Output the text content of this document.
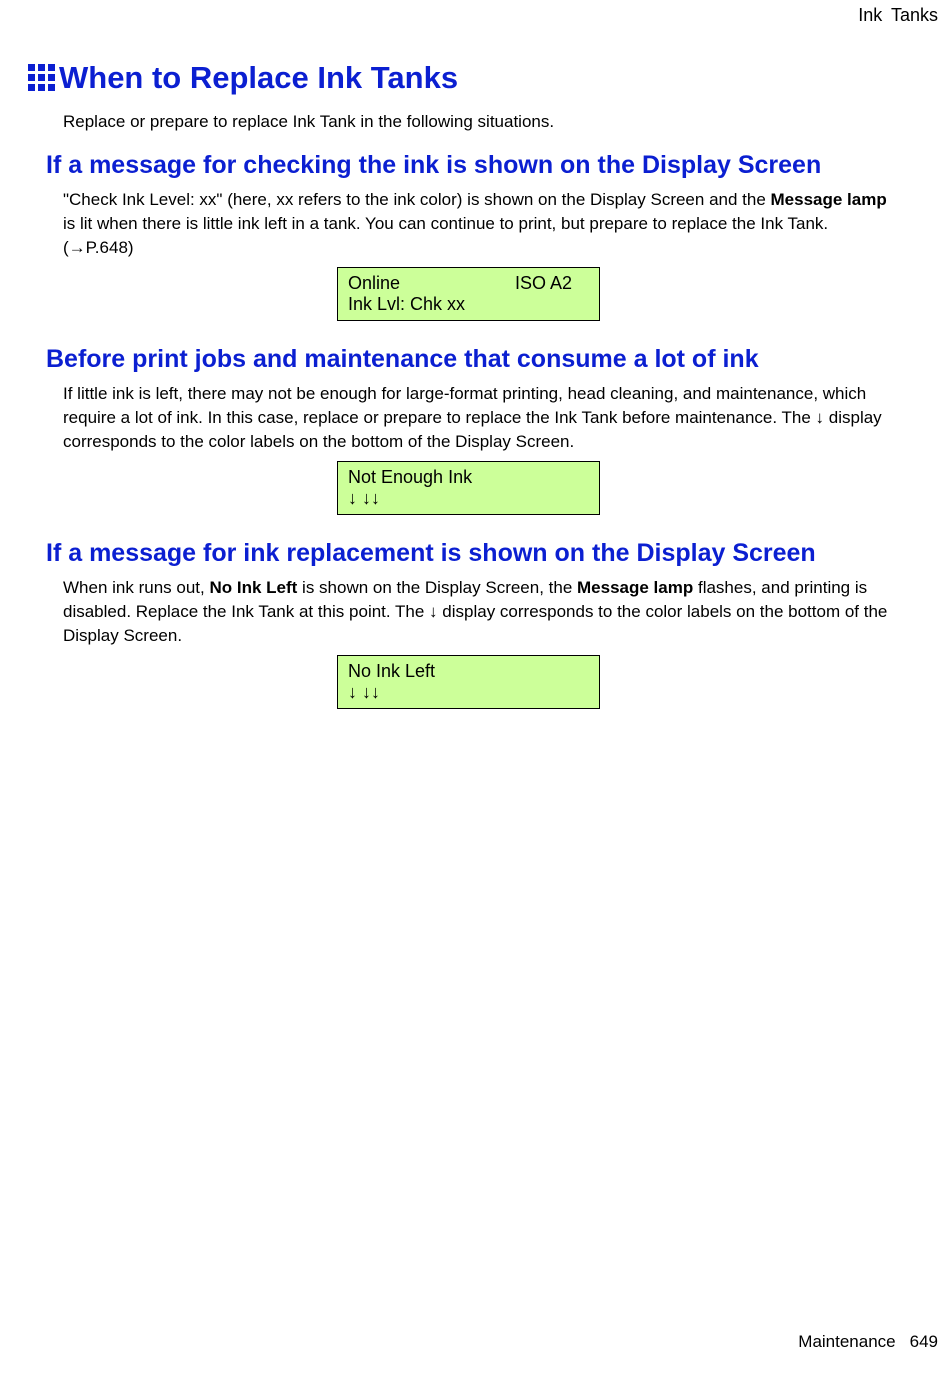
Ink Tanks
When to Replace Ink Tanks

Replace or prepare to replace Ink Tank in the following situations.

If a message for checking the ink is shown on the Display Screen

"Check Ink Level: xx" (here, xx refers to the ink color) is shown on the Display Screen and the Message lamp is lit when there is little ink left in a tank. You can continue to print, but prepare to replace the Ink Tank. (→P.648)

Online	ISO A2
Ink Lvl: Chk xx
Before print jobs and maintenance that consume a lot of ink

If little ink is left, there may not be enough for large-format printing, head cleaning, and maintenance, which require a lot of ink. In this case, replace or prepare to replace the Ink Tank before maintenance. The ↓ display corresponds to the color labels on the bottom of the Display Screen.

Not Enough Ink
↓ ↓↓
If a message for ink replacement is shown on the Display Screen

When ink runs out, No Ink Left is shown on the Display Screen, the Message lamp flashes, and printing is disabled. Replace the Ink Tank at this point. The ↓ display corresponds to the color labels on the bottom of the Display Screen.

No Ink Left
↓ ↓↓
Maintenance 649
